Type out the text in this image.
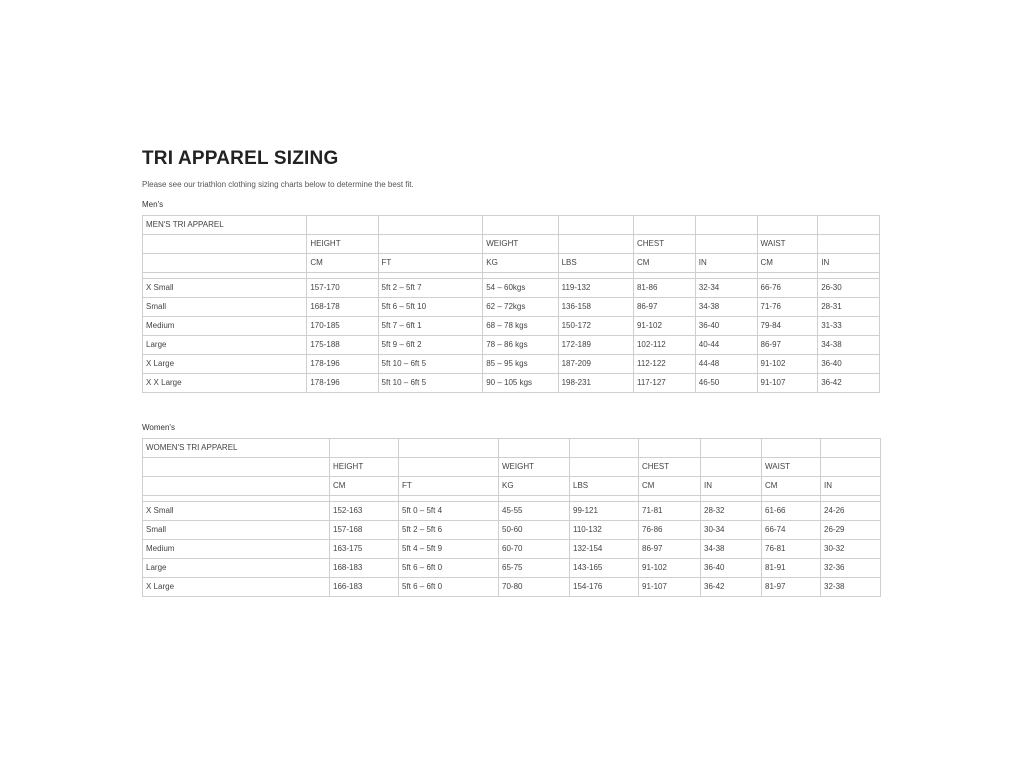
TRI APPAREL SIZING

Please see our triathlon clothing sizing charts below to determine the best fit.

Men's
MEN'S TRI APPAREL								
	HEIGHT		WEIGHT		CHEST		WAIST	
	CM	FT	KG	LBS	CM	IN	CM	IN

X Small	157-170	5ft 2 – 5ft 7	54 – 60kgs	119-132	81-86	32-34	66-76	26-30
Small	168-178	5ft 6 – 5ft 10	62 – 72kgs	136-158	86-97	34-38	71-76	28-31
Medium	170-185	5ft 7 – 6ft 1	68 – 78 kgs	150-172	91-102	36-40	79-84	31-33
Large	175-188	5ft 9 – 6ft 2	78 – 86 kgs	172-189	102-112	40-44	86-97	34-38
X Large	178-196	5ft 10 – 6ft 5	85 – 95 kgs	187-209	112-122	44-48	91-102	36-40
X X Large	178-196	5ft 10 – 6ft 5	90 – 105 kgs	198-231	117-127	46-50	91-107	36-42
Women's
WOMEN'S TRI APPAREL								
	HEIGHT		WEIGHT		CHEST		WAIST	
	CM	FT	KG	LBS	CM	IN	CM	IN

X Small	152-163	5ft 0 – 5ft 4	45-55	99-121	71-81	28-32	61-66	24-26
Small	157-168	5ft 2 – 5ft 6	50-60	110-132	76-86	30-34	66-74	26-29
Medium	163-175	5ft 4 – 5ft 9	60-70	132-154	86-97	34-38	76-81	30-32
Large	168-183	5ft 6 – 6ft 0	65-75	143-165	91-102	36-40	81-91	32-36
X Large	166-183	5ft 6 – 6ft 0	70-80	154-176	91-107	36-42	81-97	32-38
